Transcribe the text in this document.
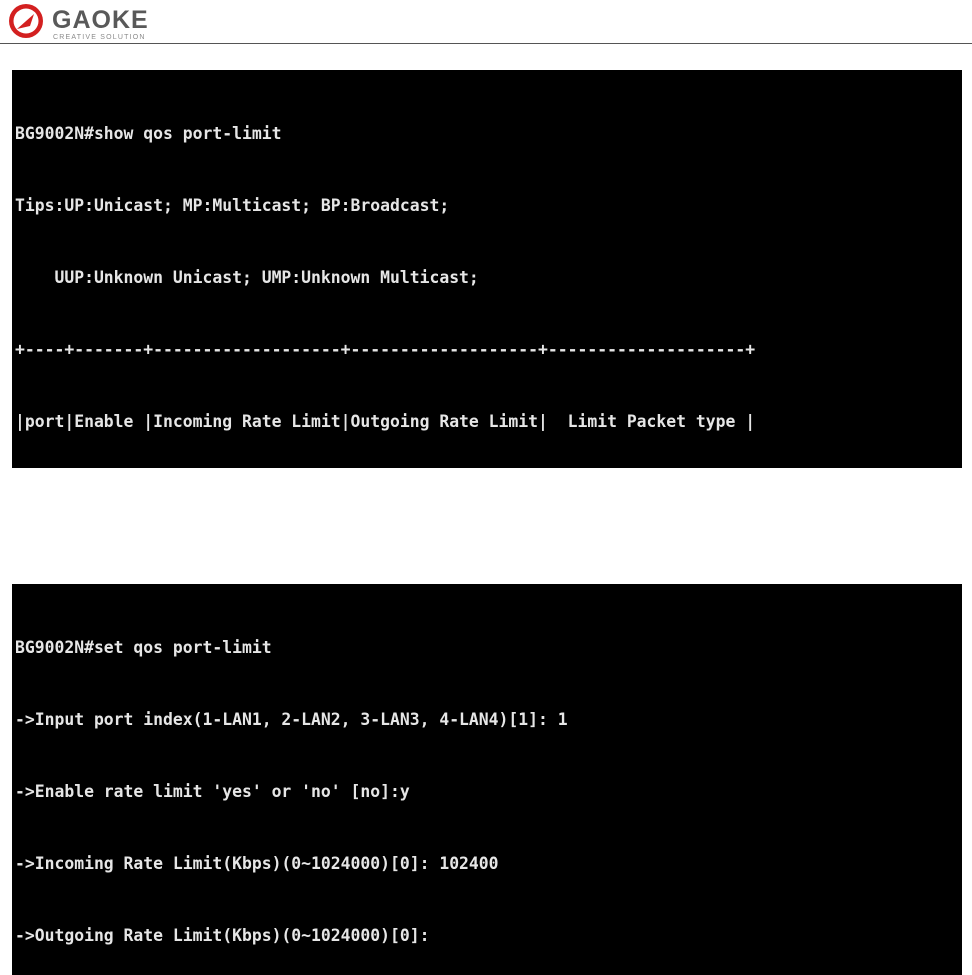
GAOKE
CREATIVE SOLUTION

BG9002N#show qos port-limit

Tips:UP:Unicast; MP:Multicast; BP:Broadcast;

UUP:Unknown Unicast; UMP:Unknown Multicast;

+----+-------+-------------------+-------------------+--------------------+

|port|Enable |Incoming Rate Limit|Outgoing Rate Limit|  Limit Packet type |

BG9002N#set qos port-limit

->Input port index(1-LAN1, 2-LAN2, 3-LAN3, 4-LAN4)[1]: 1

->Enable rate limit 'yes' or 'no' [no]:y

->Incoming Rate Limit(Kbps)(0~1024000)[0]: 102400

->Outgoing Rate Limit(Kbps)(0~1024000)[0]:
